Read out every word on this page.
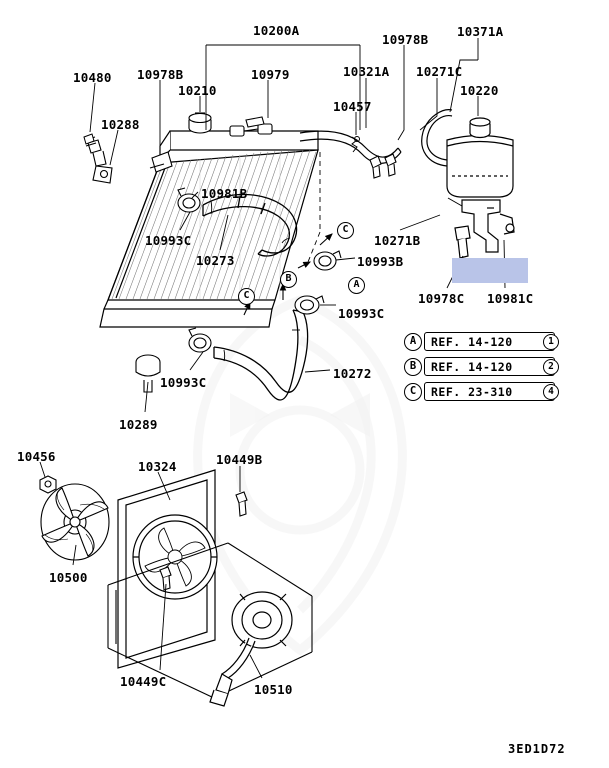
10200A
10978B
10371A
10480 10978B	10979	10321A 10271C
10210	10220
10457
10288
10981B
10993C	10271B
10273	10993B
10978C 10981C
10993C
10993C
10272
10289
10456
10324	10449B
10500
10449C
10510
C
A
B
C
A	REF. 14-120	1
B	REF. 14-120	2
C	REF. 23-310	4
3ED1D72
